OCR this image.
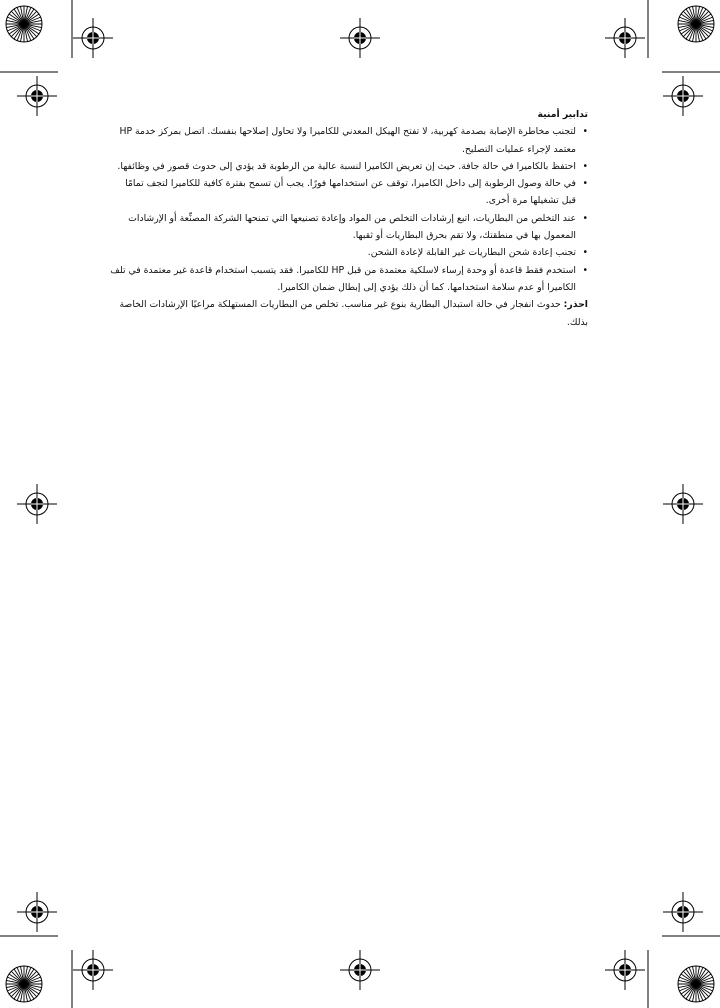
تدابير أمنية

• لتجنب مخاطرة الإصابة بصدمة كهربية، لا تفتح الهيكل المعدني للكاميرا ولا تحاول إصلاحها بنفسك. اتصل بمركز خدمة HP معتمد لإجراء عمليات التصليح.
• احتفظ بالكاميرا في حالة جافة. حيث إن تعريض الكاميرا لنسبة عالية من الرطوبة قد يؤدي إلى حدوث قصور في وظائفها.
• في حالة وصول الرطوبة إلى داخل الكاميرا، توقف عن استخدامها فورًا. يجب أن تسمح بفترة كافية للكاميرا لتجف تمامًا قبل تشغيلها مرة أخرى.
• عند التخلص من البطاريات، اتبع إرشادات التخلص من المواد وإعادة تصنيعها التي تمنحها الشركة المصنِّعة أو الإرشادات المعمول بها في منطقتك، ولا تقم بحرق البطاريات أو ثقبها.
• تجنب إعادة شحن البطاريات غير القابلة لإعادة الشحن.
• استخدم فقط قاعدة أو وحدة إرساء لاسلكية معتمدة من قبل HP للكاميرا. فقد يتسبب استخدام قاعدة غير معتمدة في تلف الكاميرا أو عدم سلامة استخدامها. كما أن ذلك يؤدي إلى إبطال ضمان الكاميرا.

احذر: حدوث انفجار في حالة استبدال البطارية بنوع غير مناسب. تخلص من البطاريات المستهلكة مراعيًا الإرشادات الخاصة بذلك.
